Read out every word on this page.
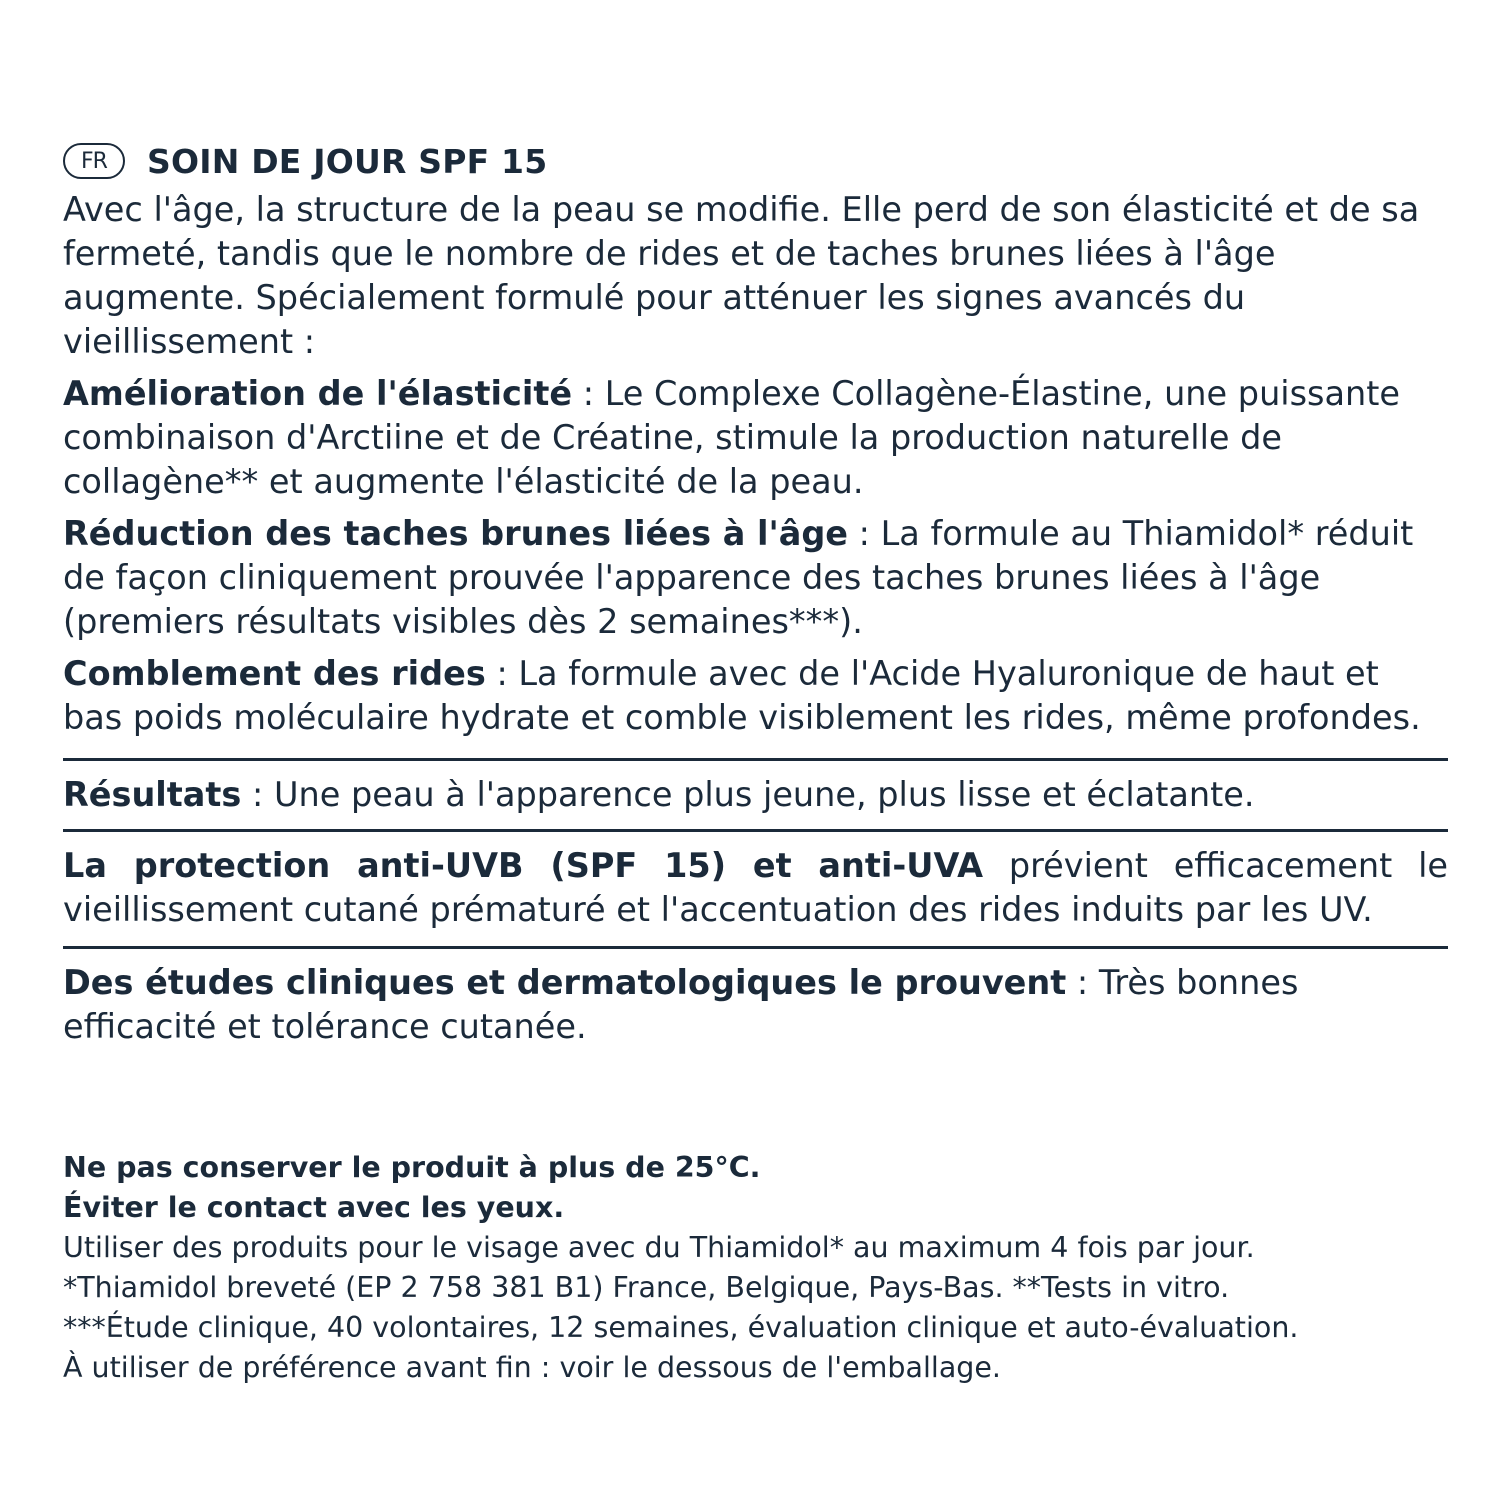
FR	SOIN DE JOUR SPF 15

Avec l'âge, la structure de la peau se modifie. Elle perd de son élasticité et de sa fermeté, tandis que le nombre de rides et de taches brunes liées à l'âge augmente. Spécialement formulé pour atténuer les signes avancés du vieillissement :

Amélioration de l'élasticité : Le Complexe Collagène-Élastine, une puissante combinaison d'Arctiine et de Créatine, stimule la production naturelle de collagène** et augmente l'élasticité de la peau.

Réduction des taches brunes liées à l'âge : La formule au Thiamidol* réduit de façon cliniquement prouvée l'apparence des taches brunes liées à l'âge (premiers résultats visibles dès 2 semaines***).

Comblement des rides : La formule avec de l'Acide Hyaluronique de haut et bas poids moléculaire hydrate et comble visiblement les rides, même profondes.

Résultats : Une peau à l'apparence plus jeune, plus lisse et éclatante.

La protection anti-UVB (SPF 15) et anti-UVA prévient efficacement le vieillissement cutané prématuré et l'accentuation des rides induits par les UV.

Des études cliniques et dermatologiques le prouvent : Très bonnes efficacité et tolérance cutanée.

Ne pas conserver le produit à plus de 25°C.

Éviter le contact avec les yeux.

Utiliser des produits pour le visage avec du Thiamidol* au maximum 4 fois par jour.

*Thiamidol breveté (EP 2 758 381 B1) France, Belgique, Pays-Bas. **Tests in vitro.

***Étude clinique, 40 volontaires, 12 semaines, évaluation clinique et auto-évaluation.

À utiliser de préférence avant fin : voir le dessous de l'emballage.
